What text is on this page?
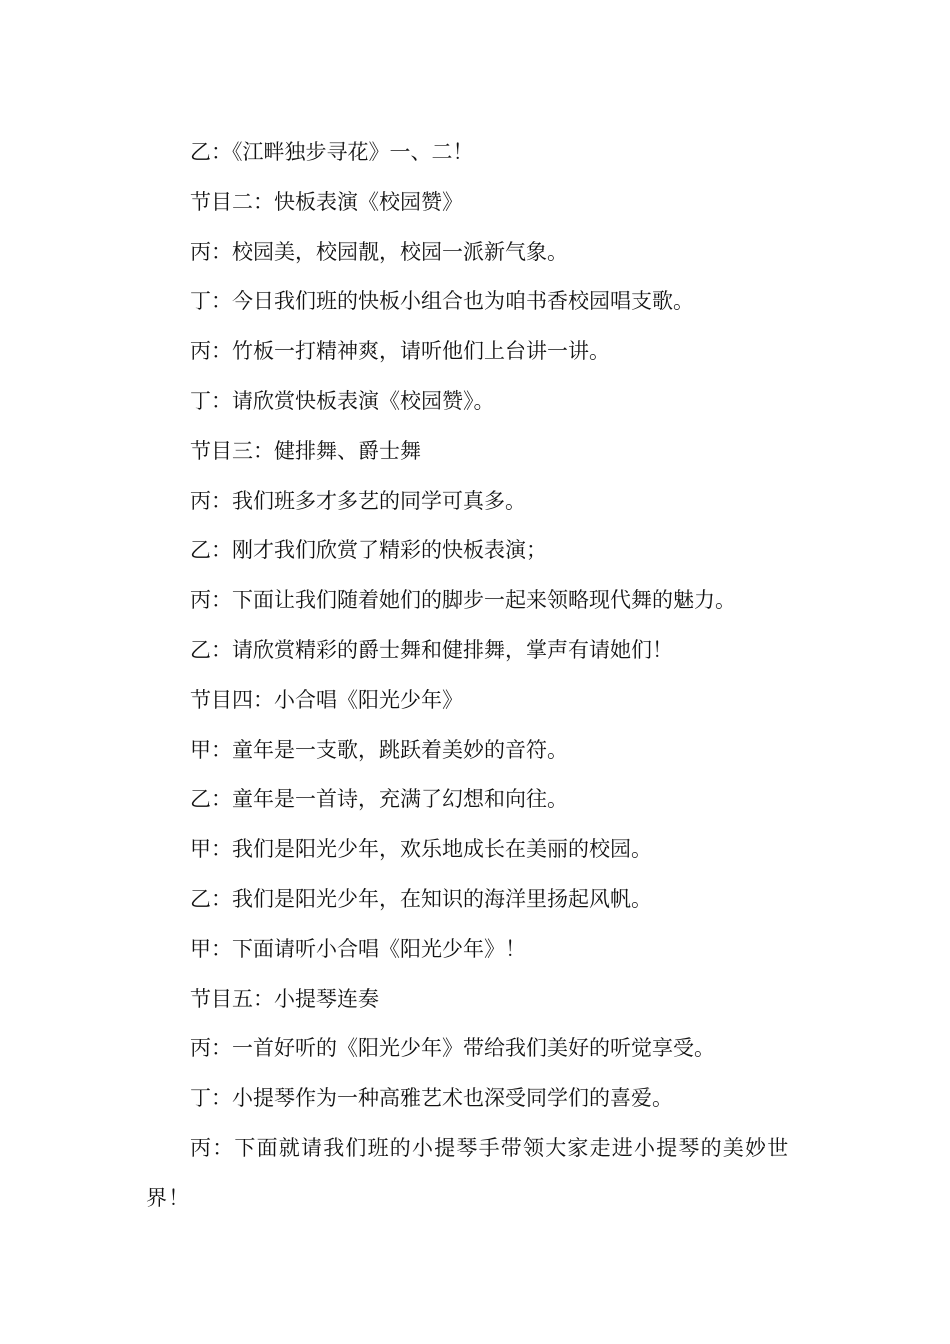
乙：《江畔独步寻花》一、二！

节目二：快板表演《校园赞》

丙：校园美，校园靓，校园一派新气象。

丁：今日我们班的快板小组合也为咱书香校园唱支歌。

丙：竹板一打精神爽，请听他们上台讲一讲。

丁：请欣赏快板表演《校园赞》。

节目三：健排舞、爵士舞

丙：我们班多才多艺的同学可真多。

乙：刚才我们欣赏了精彩的快板表演；

丙：下面让我们随着她们的脚步一起来领略现代舞的魅力。

乙：请欣赏精彩的爵士舞和健排舞，掌声有请她们！

节目四：小合唱《阳光少年》

甲：童年是一支歌，跳跃着美妙的音符。

乙：童年是一首诗，充满了幻想和向往。

甲：我们是阳光少年，欢乐地成长在美丽的校园。

乙：我们是阳光少年，在知识的海洋里扬起风帆。

甲：下面请听小合唱《阳光少年》！

节目五：小提琴连奏

丙：一首好听的《阳光少年》带给我们美好的听觉享受。

丁：小提琴作为一种高雅艺术也深受同学们的喜爱。

丙：下面就请我们班的小提琴手带领大家走进小提琴的美妙世界！
